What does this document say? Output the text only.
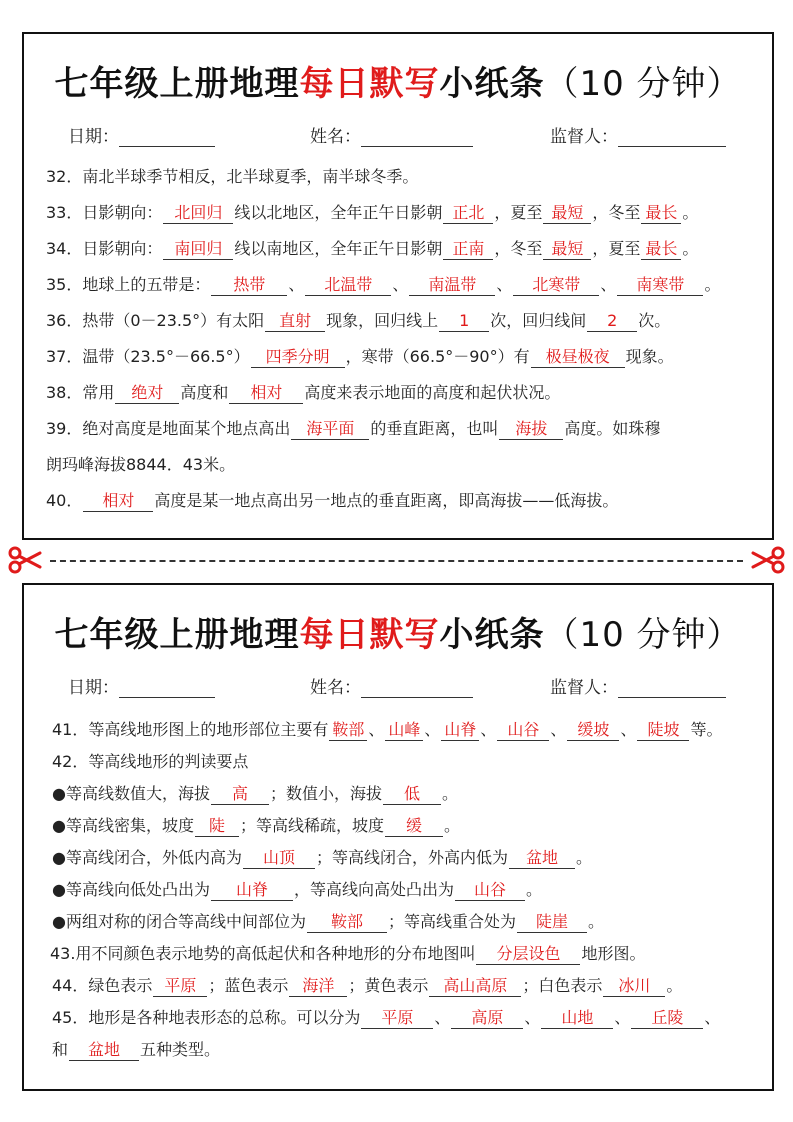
七年级上册地理每日默写小纸条（10 分钟）
日期：	姓名：	监督人：
32．南北半球季节相反，北半球夏季，南半球冬季。
33．日影朝向： 北回归 线以北地区，全年正午日影朝 正北 ，夏至 最短 ，冬至 最长 。
34．日影朝向： 南回归 线以南地区，全年正午日影朝 正南 ，冬至 最短 ，夏至 最长 。
35．地球上的五带是： 热带 、 北温带 、 南温带 、 北寒带 、 南寒带 。
36．热带（0－23.5°）有太阳 直射 现象，回归线上 1 次，回归线间 2 次。
37．温带（23.5°－66.5°） 四季分明 ，寒带（66.5°－90°）有 极昼极夜 现象。
38．常用 绝对 高度和 相对 高度来表示地面的高度和起伏状况。
39．绝对高度是地面某个地点高出 海平面 的垂直距离，也叫 海拔 高度。如珠穆
朗玛峰海拔8844．43米。
40． 相对 高度是某一地点高出另一地点的垂直距离，即高海拔——低海拔。
七年级上册地理每日默写小纸条（10 分钟）
日期：	姓名：	监督人：
41．等高线地形图上的地形部位主要有 鞍部 、 山峰 、 山脊 、 山谷 、 缓坡 、 陡坡 等。
42．等高线地形的判读要点
●等高线数值大，海拔 高 ；数值小，海拔 低 。
●等高线密集，坡度 陡 ；等高线稀疏，坡度 缓 。
●等高线闭合，外低内高为 山顶 ；等高线闭合，外高内低为 盆地 。
●等高线向低处凸出为 山脊 ，等高线向高处凸出为 山谷 。
●两组对称的闭合等高线中间部位为 鞍部 ；等高线重合处为 陡崖 。
43.用不同颜色表示地势的高低起伏和各种地形的分布地图叫 分层设色 地形图。
44．绿色表示 平原 ；蓝色表示 海洋 ；黄色表示 高山高原 ；白色表示 冰川 。
45．地形是各种地表形态的总称。可以分为 平原 、 高原 、 山地 、 丘陵 、
和 盆地 五种类型。
